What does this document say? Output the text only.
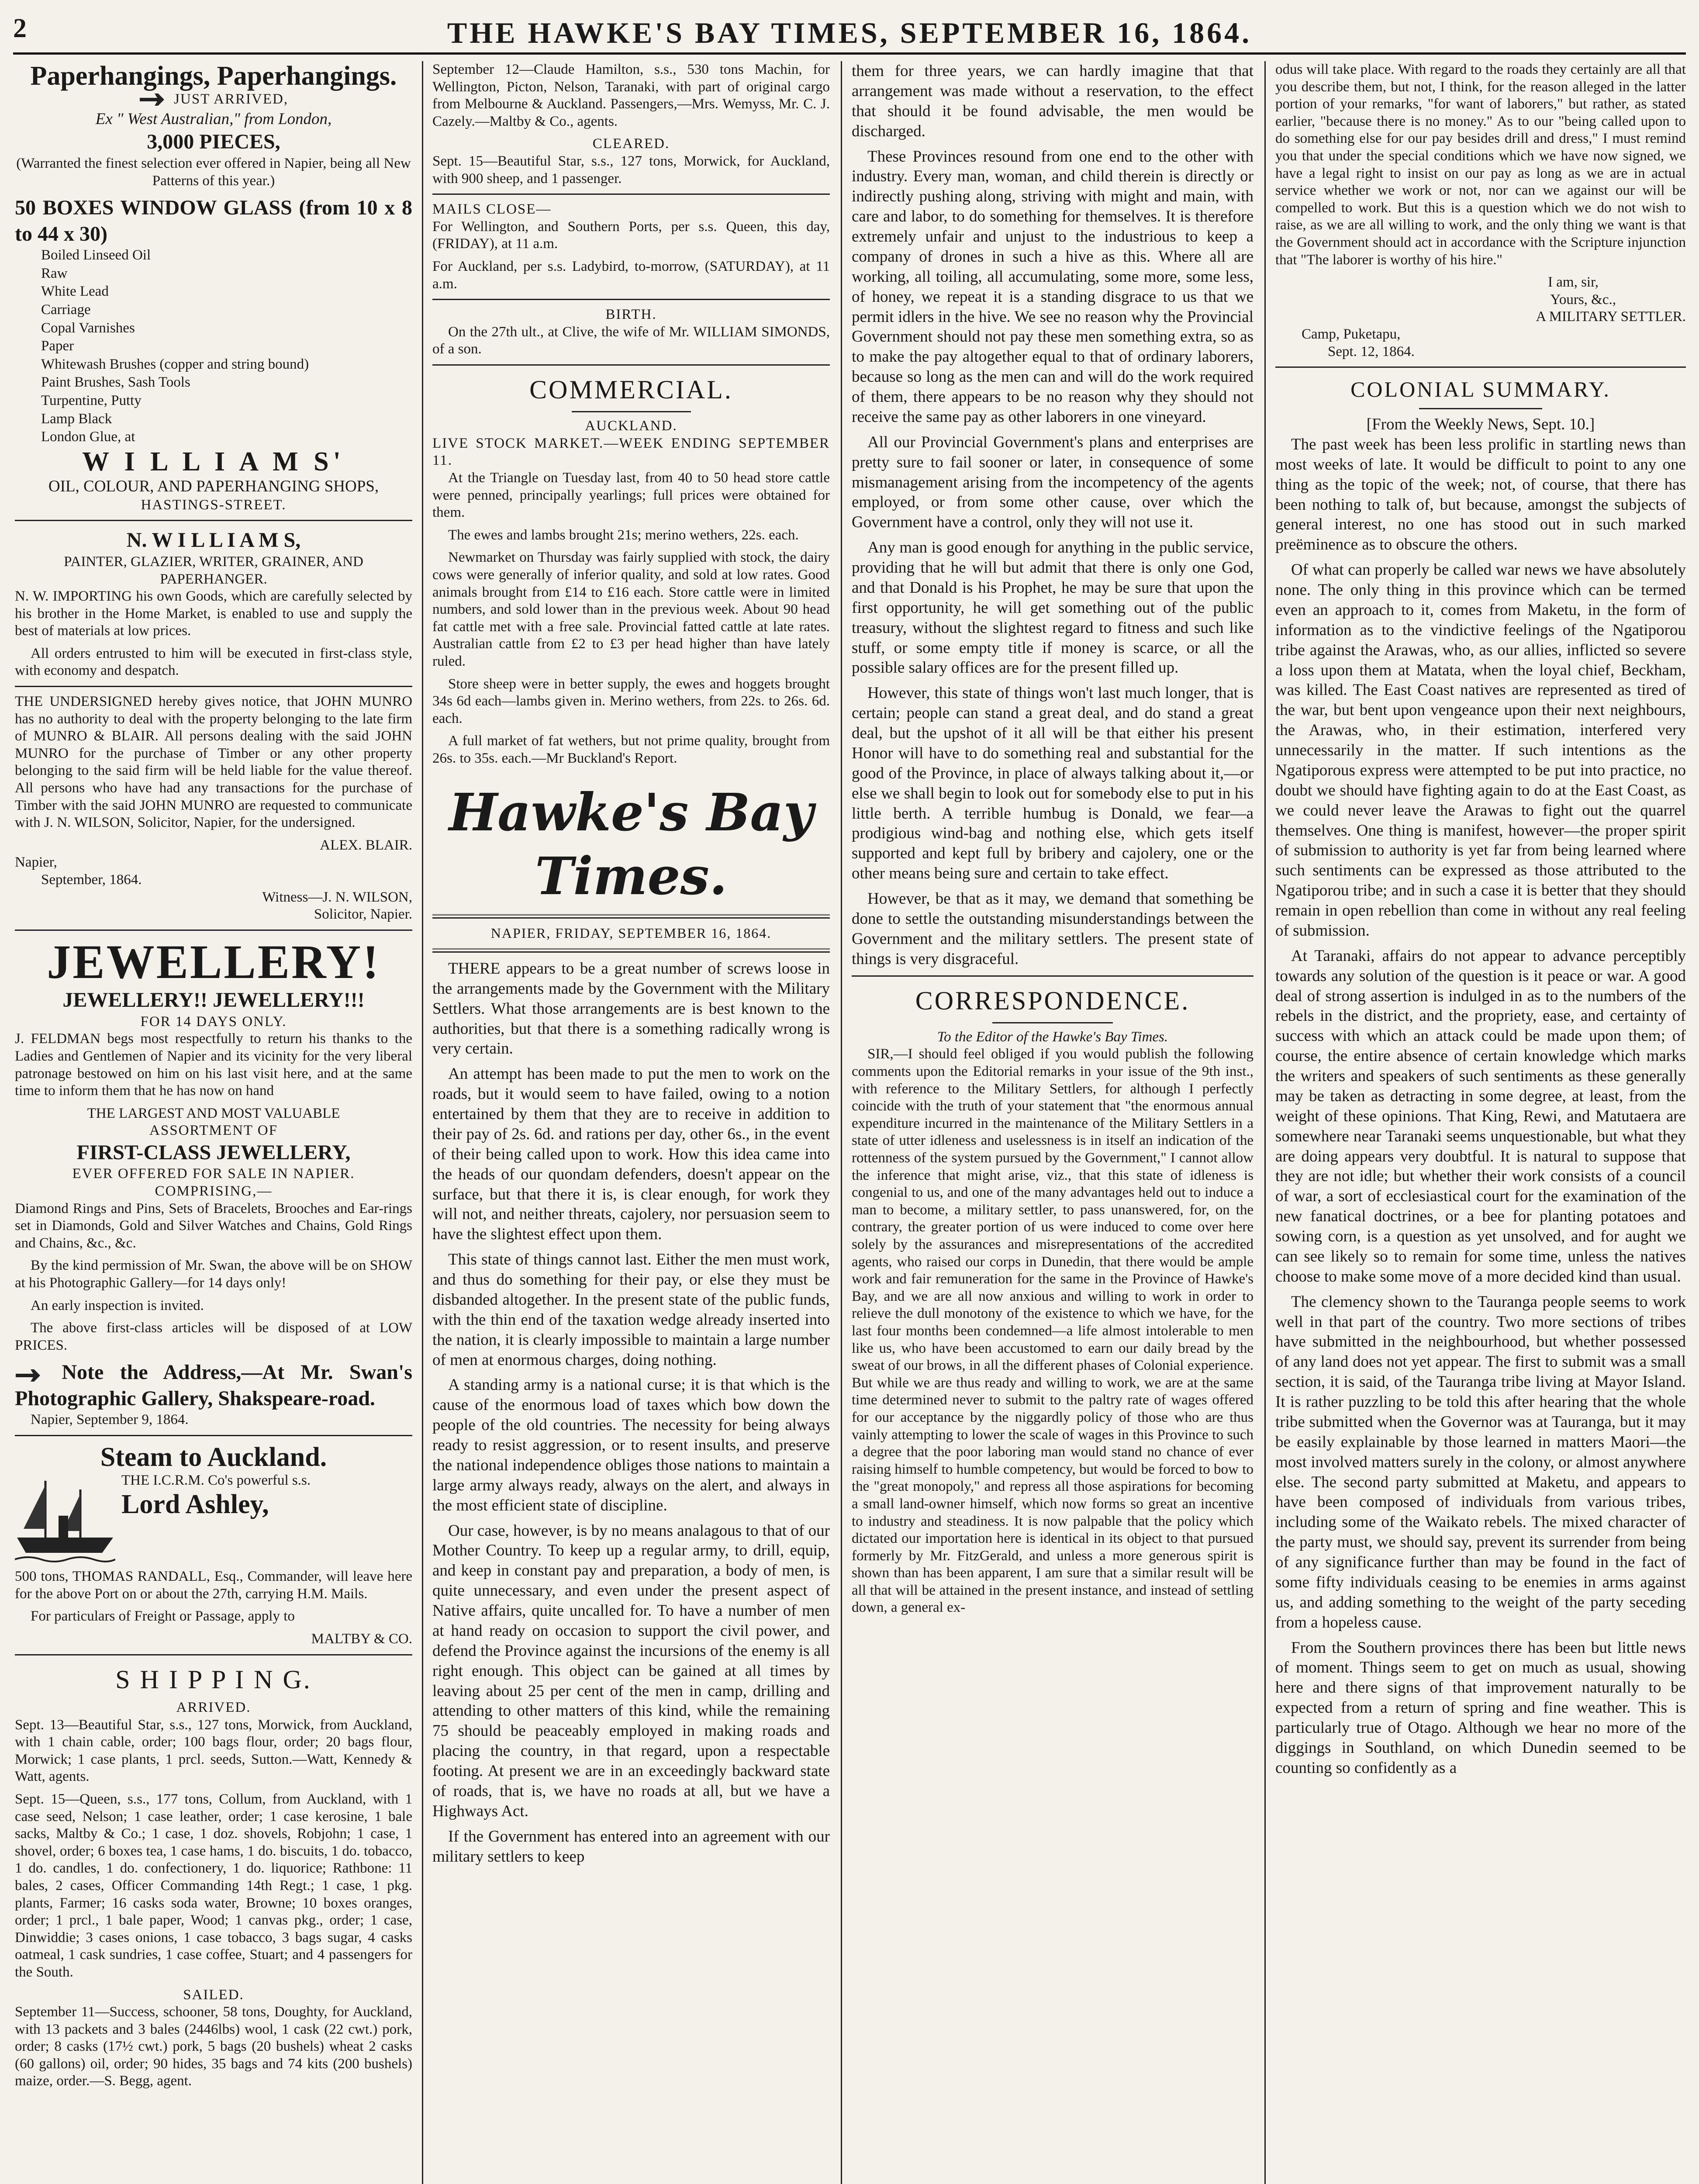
2	THE HAWKE'S BAY TIMES, SEPTEMBER 16, 1864.
Paperhangings, Paperhangings.
JUST ARRIVED,
Ex " West Australian," from London,
3,000 PIECES,

(Warranted the finest selection ever offered in Napier, being all New Patterns of this year.)

50 BOXES WINDOW GLASS (from 10 x 8 to 44 x 30)
Boiled Linseed Oil
Raw
White Lead
Carriage
Copal Varnishes
Paper
Whitewash Brushes (copper and string bound)
Paint Brushes, Sash Tools
Turpentine, Putty
Lamp Black
London Glue, at
W I L L I A M S'
OIL, COLOUR, AND PAPERHANGING SHOPS,
HASTINGS-STREET.
N. W I L L I A M S,
PAINTER, GLAZIER, WRITER, GRAINER, AND PAPERHANGER.

N. W. IMPORTING his own Goods, which are carefully selected by his brother in the Home Market, is enabled to use and supply the best of materials at low prices.

All orders entrusted to him will be executed in first-class style, with economy and despatch.

THE UNDERSIGNED hereby gives notice, that JOHN MUNRO has no authority to deal with the property belonging to the late firm of MUNRO & BLAIR. All persons dealing with the said JOHN MUNRO for the purchase of Timber or any other property belonging to the said firm will be held liable for the value thereof. All persons who have had any transactions for the purchase of Timber with the said JOHN MUNRO are requested to communicate with J. N. WILSON, Solicitor, Napier, for the undersigned.

ALEX. BLAIR.
Napier,
September, 1864.
Witness—J. N. WILSON,
Solicitor, Napier.
JEWELLERY!
JEWELLERY!! JEWELLERY!!!
FOR 14 DAYS ONLY.

J. FELDMAN begs most respectfully to return his thanks to the Ladies and Gentlemen of Napier and its vicinity for the very liberal patronage bestowed on him on his last visit here, and at the same time to inform them that he has now on hand

THE LARGEST AND MOST VALUABLE
ASSORTMENT OF
FIRST-CLASS JEWELLERY,
EVER OFFERED FOR SALE IN NAPIER.
COMPRISING,—

Diamond Rings and Pins, Sets of Bracelets, Brooches and Ear-rings set in Diamonds, Gold and Silver Watches and Chains, Gold Rings and Chains, &c., &c.

By the kind permission of Mr. Swan, the above will be on SHOW at his Photographic Gallery—for 14 days only!

An early inspection is invited.

The above first-class articles will be disposed of at LOW PRICES.

Note the Address,—At Mr. Swan's Photographic Gallery, Shakspeare-road.
Napier, September 9, 1864.
Steam to Auckland.
THE I.C.R.M. Co's powerful s.s.
Lord Ashley,

500 tons, THOMAS RANDALL, Esq., Commander, will leave here for the above Port on or about the 27th, carrying H.M. Mails.

For particulars of Freight or Passage, apply to

MALTBY & CO.
S H I P P I N G.
ARRIVED.

Sept. 13—Beautiful Star, s.s., 127 tons, Morwick, from Auckland, with 1 chain cable, order; 100 bags flour, order; 20 bags flour, Morwick; 1 case plants, 1 prcl. seeds, Sutton.—Watt, Kennedy & Watt, agents.

Sept. 15—Queen, s.s., 177 tons, Collum, from Auckland, with 1 case seed, Nelson; 1 case leather, order; 1 case kerosine, 1 bale sacks, Maltby & Co.; 1 case, 1 doz. shovels, Robjohn; 1 case, 1 shovel, order; 6 boxes tea, 1 case hams, 1 do. biscuits, 1 do. tobacco, 1 do. candles, 1 do. confectionery, 1 do. liquorice; Rathbone: 11 bales, 2 cases, Officer Commanding 14th Regt.; 1 case, 1 pkg. plants, Farmer; 16 casks soda water, Browne; 10 boxes oranges, order; 1 prcl., 1 bale paper, Wood; 1 canvas pkg., order; 1 case, Dinwiddie; 3 cases onions, 1 case tobacco, 3 bags sugar, 4 casks oatmeal, 1 cask sundries, 1 case coffee, Stuart; and 4 passengers for the South.

SAILED.

September 11—Success, schooner, 58 tons, Doughty, for Auckland, with 13 packets and 3 bales (2446lbs) wool, 1 cask (22 cwt.) pork, order; 8 casks (17½ cwt.) pork, 5 bags (20 bushels) wheat 2 casks (60 gallons) oil, order; 90 hides, 35 bags and 74 kits (200 bushels) maize, order.—S. Begg, agent.

September 12—Claude Hamilton, s.s., 530 tons Machin, for Wellington, Picton, Nelson, Taranaki, with part of original cargo from Melbourne & Auckland. Passengers,—Mrs. Wemyss, Mr. C. J. Cazely.—Maltby & Co., agents.

CLEARED.

Sept. 15—Beautiful Star, s.s., 127 tons, Morwick, for Auckland, with 900 sheep, and 1 passenger.

MAILS CLOSE—

For Wellington, and Southern Ports, per s.s. Queen, this day, (FRIDAY), at 11 a.m.

For Auckland, per s.s. Ladybird, to-morrow, (SATURDAY), at 11 a.m.

BIRTH.

On the 27th ult., at Clive, the wife of Mr. WILLIAM SIMONDS, of a son.

COMMERCIAL.
AUCKLAND.
LIVE STOCK MARKET.—WEEK ENDING SEPTEMBER 11.

At the Triangle on Tuesday last, from 40 to 50 head store cattle were penned, principally yearlings; full prices were obtained for them.

The ewes and lambs brought 21s; merino wethers, 22s. each.

Newmarket on Thursday was fairly supplied with stock, the dairy cows were generally of inferior quality, and sold at low rates. Good animals brought from £14 to £16 each. Store cattle were in limited numbers, and sold lower than in the previous week. About 90 head fat cattle met with a free sale. Provincial fatted cattle at late rates. Australian cattle from £2 to £3 per head higher than have lately ruled.

Store sheep were in better supply, the ewes and hoggets brought 34s 6d each—lambs given in. Merino wethers, from 22s. to 26s. 6d. each.

A full market of fat wethers, but not prime quality, brought from 26s. to 35s. each.—Mr Buckland's Report.

Hawke's Bay Times.
NAPIER, FRIDAY, SEPTEMBER 16, 1864.

THERE appears to be a great number of screws loose in the arrangements made by the Government with the Military Settlers. What those arrangements are is best known to the authorities, but that there is a something radically wrong is very certain.

An attempt has been made to put the men to work on the roads, but it would seem to have failed, owing to a notion entertained by them that they are to receive in addition to their pay of 2s. 6d. and rations per day, other 6s., in the event of their being called upon to work. How this idea came into the heads of our quondam defenders, doesn't appear on the surface, but that there it is, is clear enough, for work they will not, and neither threats, cajolery, nor persuasion seem to have the slightest effect upon them.

This state of things cannot last. Either the men must work, and thus do something for their pay, or else they must be disbanded altogether. In the present state of the public funds, with the thin end of the taxation wedge already inserted into the nation, it is clearly impossible to maintain a large number of men at enormous charges, doing nothing.

A standing army is a national curse; it is that which is the cause of the enormous load of taxes which bow down the people of the old countries. The necessity for being always ready to resist aggression, or to resent insults, and preserve the national independence obliges those nations to maintain a large army always ready, always on the alert, and always in the most efficient state of discipline.

Our case, however, is by no means analagous to that of our Mother Country. To keep up a regular army, to drill, equip, and keep in constant pay and preparation, a body of men, is quite unnecessary, and even under the present aspect of Native affairs, quite uncalled for. To have a number of men at hand ready on occasion to support the civil power, and defend the Province against the incursions of the enemy is all right enough. This object can be gained at all times by leaving about 25 per cent of the men in camp, drilling and attending to other matters of this kind, while the remaining 75 should be peaceably employed in making roads and placing the country, in that regard, upon a respectable footing. At present we are in an exceedingly backward state of roads, that is, we have no roads at all, but we have a Highways Act.

If the Government has entered into an agreement with our military settlers to keep

them for three years, we can hardly imagine that that arrangement was made without a reservation, to the effect that should it be found advisable, the men would be discharged.

These Provinces resound from one end to the other with industry. Every man, woman, and child therein is directly or indirectly pushing along, striving with might and main, with care and labor, to do something for themselves. It is therefore extremely unfair and unjust to the industrious to keep a company of drones in such a hive as this. Where all are working, all toiling, all accumulating, some more, some less, of honey, we repeat it is a standing disgrace to us that we permit idlers in the hive. We see no reason why the Provincial Government should not pay these men something extra, so as to make the pay altogether equal to that of ordinary laborers, because so long as the men can and will do the work required of them, there appears to be no reason why they should not receive the same pay as other laborers in one vineyard.

All our Provincial Government's plans and enterprises are pretty sure to fail sooner or later, in consequence of some mismanagement arising from the incompetency of the agents employed, or from some other cause, over which the Government have a control, only they will not use it.

Any man is good enough for anything in the public service, providing that he will but admit that there is only one God, and that Donald is his Prophet, he may be sure that upon the first opportunity, he will get something out of the public treasury, without the slightest regard to fitness and such like stuff, or some empty title if money is scarce, or all the possible salary offices are for the present filled up.

However, this state of things won't last much longer, that is certain; people can stand a great deal, and do stand a great deal, but the upshot of it all will be that either his present Honor will have to do something real and substantial for the good of the Province, in place of always talking about it,—or else we shall begin to look out for somebody else to put in his little berth. A terrible humbug is Donald, we fear—a prodigious wind-bag and nothing else, which gets itself supported and kept full by bribery and cajolery, one or the other means being sure and certain to take effect.

However, be that as it may, we demand that something be done to settle the outstanding misunderstandings between the Government and the military settlers. The present state of things is very disgraceful.

CORRESPONDENCE.
To the Editor of the Hawke's Bay Times.

SIR,—I should feel obliged if you would publish the following comments upon the Editorial remarks in your issue of the 9th inst., with reference to the Military Settlers, for although I perfectly coincide with the truth of your statement that "the enormous annual expenditure incurred in the maintenance of the Military Settlers in a state of utter idleness and uselessness is in itself an indication of the rottenness of the system pursued by the Government," I cannot allow the inference that might arise, viz., that this state of idleness is congenial to us, and one of the many advantages held out to induce a man to become, a military settler, to pass unanswered, for, on the contrary, the greater portion of us were induced to come over here solely by the assurances and misrepresentations of the accredited agents, who raised our corps in Dunedin, that there would be ample work and fair remuneration for the same in the Province of Hawke's Bay, and we are all now anxious and willing to work in order to relieve the dull monotony of the existence to which we have, for the last four months been condemned—a life almost intolerable to men like us, who have been accustomed to earn our daily bread by the sweat of our brows, in all the different phases of Colonial experience. But while we are thus ready and willing to work, we are at the same time determined never to submit to the paltry rate of wages offered for our acceptance by the niggardly policy of those who are thus vainly attempting to lower the scale of wages in this Province to such a degree that the poor laboring man would stand no chance of ever raising himself to humble competency, but would be forced to bow to the "great monopoly," and repress all those aspirations for becoming a small land-owner himself, which now forms so great an incentive to industry and steadiness. It is now palpable that the policy which dictated our importation here is identical in its object to that pursued formerly by Mr. FitzGerald, and unless a more generous spirit is shown than has been apparent, I am sure that a similar result will be all that will be attained in the present instance, and instead of settling down, a general ex-

odus will take place. With regard to the roads they certainly are all that you describe them, but not, I think, for the reason alleged in the latter portion of your remarks, "for want of laborers," but rather, as stated earlier, "because there is no money." As to our "being called upon to do something else for our pay besides drill and dress," I must remind you that under the special conditions which we have now signed, we have a legal right to insist on our pay as long as we are in actual service whether we work or not, nor can we against our will be compelled to work. But this is a question which we do not wish to raise, as we are all willing to work, and the only thing we want is that the Government should act in accordance with the Scripture injunction that "The laborer is worthy of his hire."

I am, sir,
Yours, &c.,
A MILITARY SETTLER.
Camp, Puketapu,
Sept. 12, 1864.
COLONIAL SUMMARY.
[From the Weekly News, Sept. 10.]

The past week has been less prolific in startling news than most weeks of late. It would be difficult to point to any one thing as the topic of the week; not, of course, that there has been nothing to talk of, but because, amongst the subjects of general interest, no one has stood out in such marked preëminence as to obscure the others.

Of what can properly be called war news we have absolutely none. The only thing in this province which can be termed even an approach to it, comes from Maketu, in the form of information as to the vindictive feelings of the Ngatiporou tribe against the Arawas, who, as our allies, inflicted so severe a loss upon them at Matata, when the loyal chief, Beckham, was killed. The East Coast natives are represented as tired of the war, but bent upon vengeance upon their next neighbours, the Arawas, who, in their estimation, interfered very unnecessarily in the matter. If such intentions as the Ngatiporous express were attempted to be put into practice, no doubt we should have fighting again to do at the East Coast, as we could never leave the Arawas to fight out the quarrel themselves. One thing is manifest, however—the proper spirit of submission to authority is yet far from being learned where such sentiments can be expressed as those attributed to the Ngatiporou tribe; and in such a case it is better that they should remain in open rebellion than come in without any real feeling of submission.

At Taranaki, affairs do not appear to advance perceptibly towards any solution of the question is it peace or war. A good deal of strong assertion is indulged in as to the numbers of the rebels in the district, and the propriety, ease, and certainty of success with which an attack could be made upon them; of course, the entire absence of certain knowledge which marks the writers and speakers of such sentiments as these generally may be taken as detracting in some degree, at least, from the weight of these opinions. That King, Rewi, and Matutaera are somewhere near Taranaki seems unquestionable, but what they are doing appears very doubtful. It is natural to suppose that they are not idle; but whether their work consists of a council of war, a sort of ecclesiastical court for the examination of the new fanatical doctrines, or a bee for planting potatoes and sowing corn, is a question as yet unsolved, and for aught we can see likely so to remain for some time, unless the natives choose to make some move of a more decided kind than usual.

The clemency shown to the Tauranga people seems to work well in that part of the country. Two more sections of tribes have submitted in the neighbourhood, but whether possessed of any land does not yet appear. The first to submit was a small section, it is said, of the Tauranga tribe living at Mayor Island. It is rather puzzling to be told this after hearing that the whole tribe submitted when the Governor was at Tauranga, but it may be easily explainable by those learned in matters Maori—the most involved matters surely in the colony, or almost anywhere else. The second party submitted at Maketu, and appears to have been composed of individuals from various tribes, including some of the Waikato rebels. The mixed character of the party must, we should say, prevent its surrender from being of any significance further than may be found in the fact of some fifty individuals ceasing to be enemies in arms against us, and adding something to the weight of the party seceding from a hopeless cause.

From the Southern provinces there has been but little news of moment. Things seem to get on much as usual, showing here and there signs of that improvement naturally to be expected from a return of spring and fine weather. This is particularly true of Otago. Although we hear no more of the diggings in Southland, on which Dunedin seemed to be counting so confidently as a
